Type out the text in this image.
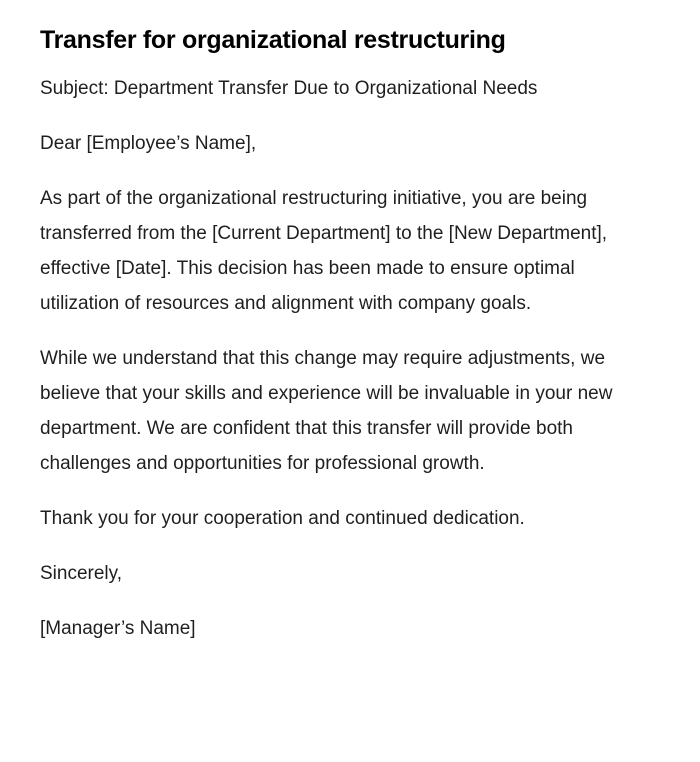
Transfer for organizational restructuring

Subject: Department Transfer Due to Organizational Needs

Dear [Employee’s Name],

As part of the organizational restructuring initiative, you are being transferred from the [Current Department] to the [New Department], effective [Date]. This decision has been made to ensure optimal utilization of resources and alignment with company goals.

While we understand that this change may require adjustments, we believe that your skills and experience will be invaluable in your new department. We are confident that this transfer will provide both challenges and opportunities for professional growth.

Thank you for your cooperation and continued dedication.

Sincerely,

[Manager’s Name]
